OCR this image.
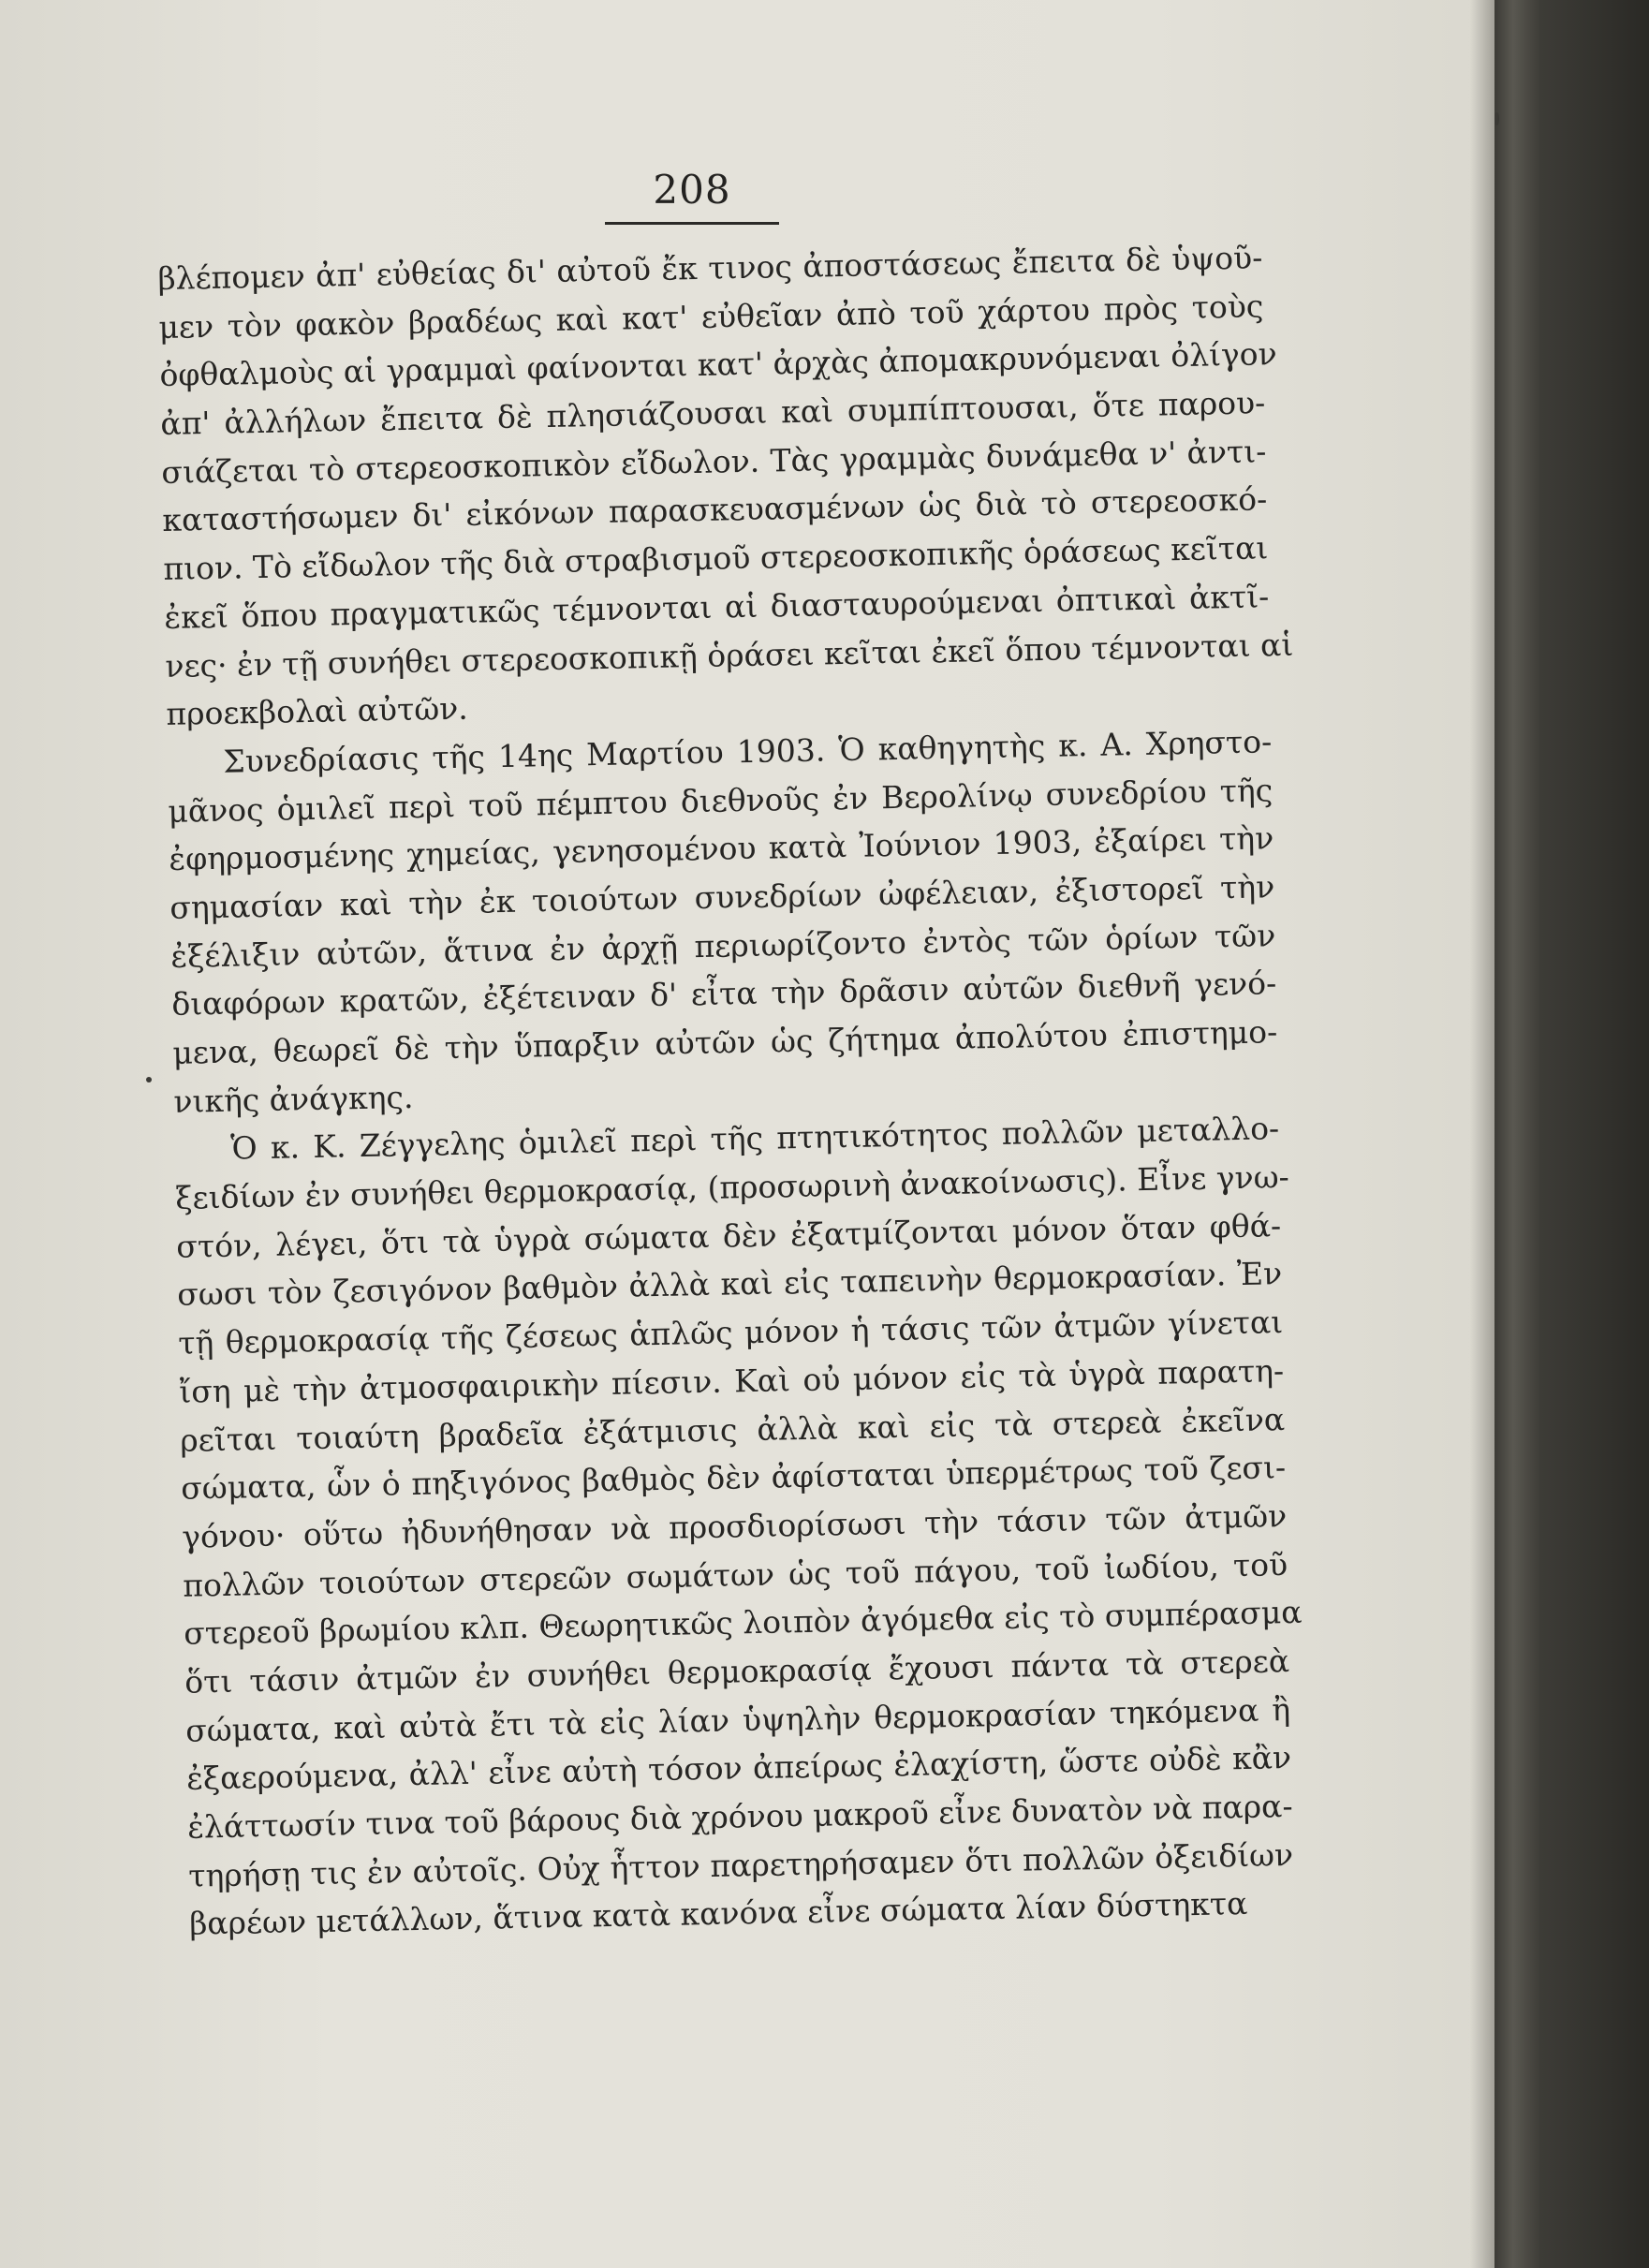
208
βλέπομεν ἀπ' εὐθείας δι' αὐτοῦ ἔκ τινος ἀποστάσεως ἔπειτα δὲ ὑψοῦ-
μεν τὸν φακὸν βραδέως καὶ κατ' εὐθεῖαν ἀπὸ τοῦ χάρτου πρὸς τοὺς
ὀφθαλμοὺς αἱ γραμμαὶ φαίνονται κατ' ἀρχὰς ἀπομακρυνόμεναι ὀλίγον
ἀπ' ἀλλήλων ἔπειτα δὲ πλησιάζουσαι καὶ συμπίπτουσαι, ὅτε παρου-
σιάζεται τὸ στερεοσκοπικὸν εἴδωλον. Τὰς γραμμὰς δυνάμεθα ν' ἀντι-
καταστήσωμεν δι' εἰκόνων παρασκευασμένων ὡς διὰ τὸ στερεοσκό-
πιον. Τὸ εἴδωλον τῆς διὰ στραβισμοῦ στερεοσκοπικῆς ὁράσεως κεῖται
ἐκεῖ ὅπου πραγματικῶς τέμνονται αἱ διασταυρούμεναι ὀπτικαὶ ἀκτῖ-
νες· ἐν τῇ συνήθει στερεοσκοπικῇ ὁράσει κεῖται ἐκεῖ ὅπου τέμνονται αἱ
προεκβολαὶ αὐτῶν.
Συνεδρίασις τῆς 14ης Μαρτίου 1903. Ὁ καθηγητὴς κ. Α. Χρηστο-
μᾶνος ὁμιλεῖ περὶ τοῦ πέμπτου διεθνοῦς ἐν Βερολίνῳ συνεδρίου τῆς
ἐφηρμοσμένης χημείας, γενησομένου κατὰ Ἰούνιον 1903, ἐξαίρει τὴν
σημασίαν καὶ τὴν ἐκ τοιούτων συνεδρίων ὠφέλειαν, ἐξιστορεῖ τὴν
ἐξέλιξιν αὐτῶν, ἅτινα ἐν ἀρχῇ περιωρίζοντο ἐντὸς τῶν ὁρίων τῶν
διαφόρων κρατῶν, ἐξέτειναν δ' εἶτα τὴν δρᾶσιν αὐτῶν διεθνῆ γενό-
μενα, θεωρεῖ δὲ τὴν ὕπαρξιν αὐτῶν ὡς ζήτημα ἀπολύτου ἐπιστημο-
νικῆς ἀνάγκης.
Ὁ κ. Κ. Ζέγγελης ὁμιλεῖ περὶ τῆς πτητικότητος πολλῶν μεταλλο-
ξειδίων ἐν συνήθει θερμοκρασίᾳ, (προσωρινὴ ἀνακοίνωσις). Εἶνε γνω-
στόν, λέγει, ὅτι τὰ ὑγρὰ σώματα δὲν ἐξατμίζονται μόνον ὅταν φθά-
σωσι τὸν ζεσιγόνον βαθμὸν ἀλλὰ καὶ εἰς ταπεινὴν θερμοκρασίαν. Ἐν
τῇ θερμοκρασίᾳ τῆς ζέσεως ἁπλῶς μόνον ἡ τάσις τῶν ἀτμῶν γίνεται
ἴση μὲ τὴν ἀτμοσφαιρικὴν πίεσιν. Καὶ οὐ μόνον εἰς τὰ ὑγρὰ παρατη-
ρεῖται τοιαύτη βραδεῖα ἐξάτμισις ἀλλὰ καὶ εἰς τὰ στερεὰ ἐκεῖνα
σώματα, ὧν ὁ πηξιγόνος βαθμὸς δὲν ἀφίσταται ὑπερμέτρως τοῦ ζεσι-
γόνου· οὕτω ἠδυνήθησαν νὰ προσδιορίσωσι τὴν τάσιν τῶν ἀτμῶν
πολλῶν τοιούτων στερεῶν σωμάτων ὡς τοῦ πάγου, τοῦ ἰωδίου, τοῦ
στερεοῦ βρωμίου κλπ. Θεωρητικῶς λοιπὸν ἀγόμεθα εἰς τὸ συμπέρασμα
ὅτι τάσιν ἀτμῶν ἐν συνήθει θερμοκρασίᾳ ἔχουσι πάντα τὰ στερεὰ
σώματα, καὶ αὐτὰ ἔτι τὰ εἰς λίαν ὑψηλὴν θερμοκρασίαν τηκόμενα ἢ
ἐξαερούμενα, ἀλλ' εἶνε αὐτὴ τόσον ἀπείρως ἐλαχίστη, ὥστε οὐδὲ κἂν
ἐλάττωσίν τινα τοῦ βάρους διὰ χρόνου μακροῦ εἶνε δυνατὸν νὰ παρα-
τηρήσῃ τις ἐν αὐτοῖς. Οὐχ ἧττον παρετηρήσαμεν ὅτι πολλῶν ὀξειδίων
βαρέων μετάλλων, ἅτινα κατὰ κανόνα εἶνε σώματα λίαν δύστηκτα
